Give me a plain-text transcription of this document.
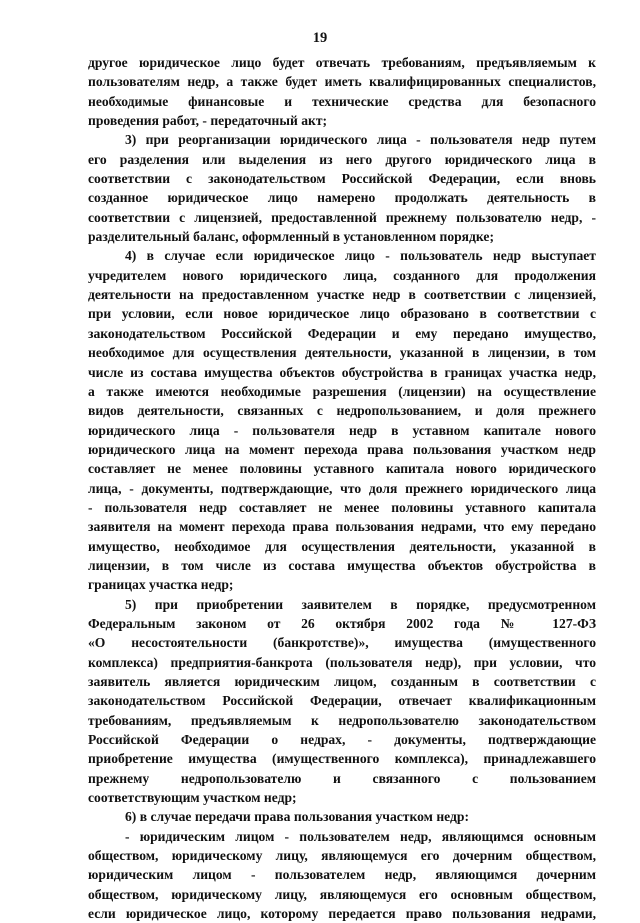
19
другое юридическое лицо будет отвечать требованиям, предъявляемым к
пользователям недр, а также будет иметь квалифицированных специалистов,
необходимые финансовые и технические средства для безопасного
проведения работ, - передаточный акт;
3) при реорганизации юридического лица - пользователя недр путем
его разделения или выделения из него другого юридического лица в
соответствии с законодательством Российской Федерации, если вновь
созданное юридическое лицо намерено продолжать деятельность в
соответствии с лицензией, предоставленной прежнему пользователю недр, -
разделительный баланс, оформленный в установленном порядке;
4) в случае если юридическое лицо - пользователь недр выступает
учредителем нового юридического лица, созданного для продолжения
деятельности на предоставленном участке недр в соответствии с лицензией,
при условии, если новое юридическое лицо образовано в соответствии с
законодательством Российской Федерации и ему передано имущество,
необходимое для осуществления деятельности, указанной в лицензии, в том
числе из состава имущества объектов обустройства в границах участка недр,
а также имеются необходимые разрешения (лицензии) на осуществление
видов деятельности, связанных с недропользованием, и доля прежнего
юридического лица - пользователя недр в уставном капитале нового
юридического лица на момент перехода права пользования участком недр
составляет не менее половины уставного капитала нового юридического
лица, - документы, подтверждающие, что доля прежнего юридического лица
- пользователя недр составляет не менее половины уставного капитала
заявителя на момент перехода права пользования недрами, что ему передано
имущество, необходимое для осуществления деятельности, указанной в
лицензии, в том числе из состава имущества объектов обустройства в
границах участка недр;
5) при приобретении заявителем в порядке, предусмотренном
Федеральным законом от 26 октября 2002 года № 127-ФЗ
«О несостоятельности (банкротстве)», имущества (имущественного
комплекса) предприятия-банкрота (пользователя недр), при условии, что
заявитель является юридическим лицом, созданным в соответствии с
законодательством Российской Федерации, отвечает квалификационным
требованиям, предъявляемым к недропользователю законодательством
Российской Федерации о недрах, - документы, подтверждающие
приобретение имущества (имущественного комплекса), принадлежавшего
прежнему недропользователю и связанного с пользованием
соответствующим участком недр;
6) в случае передачи права пользования участком недр:
- юридическим лицом - пользователем недр, являющимся основным
обществом, юридическому лицу, являющемуся его дочерним обществом,
юридическим лицом - пользователем недр, являющимся дочерним
обществом, юридическому лицу, являющемуся его основным обществом,
если юридическое лицо, которому передается право пользования недрами,
